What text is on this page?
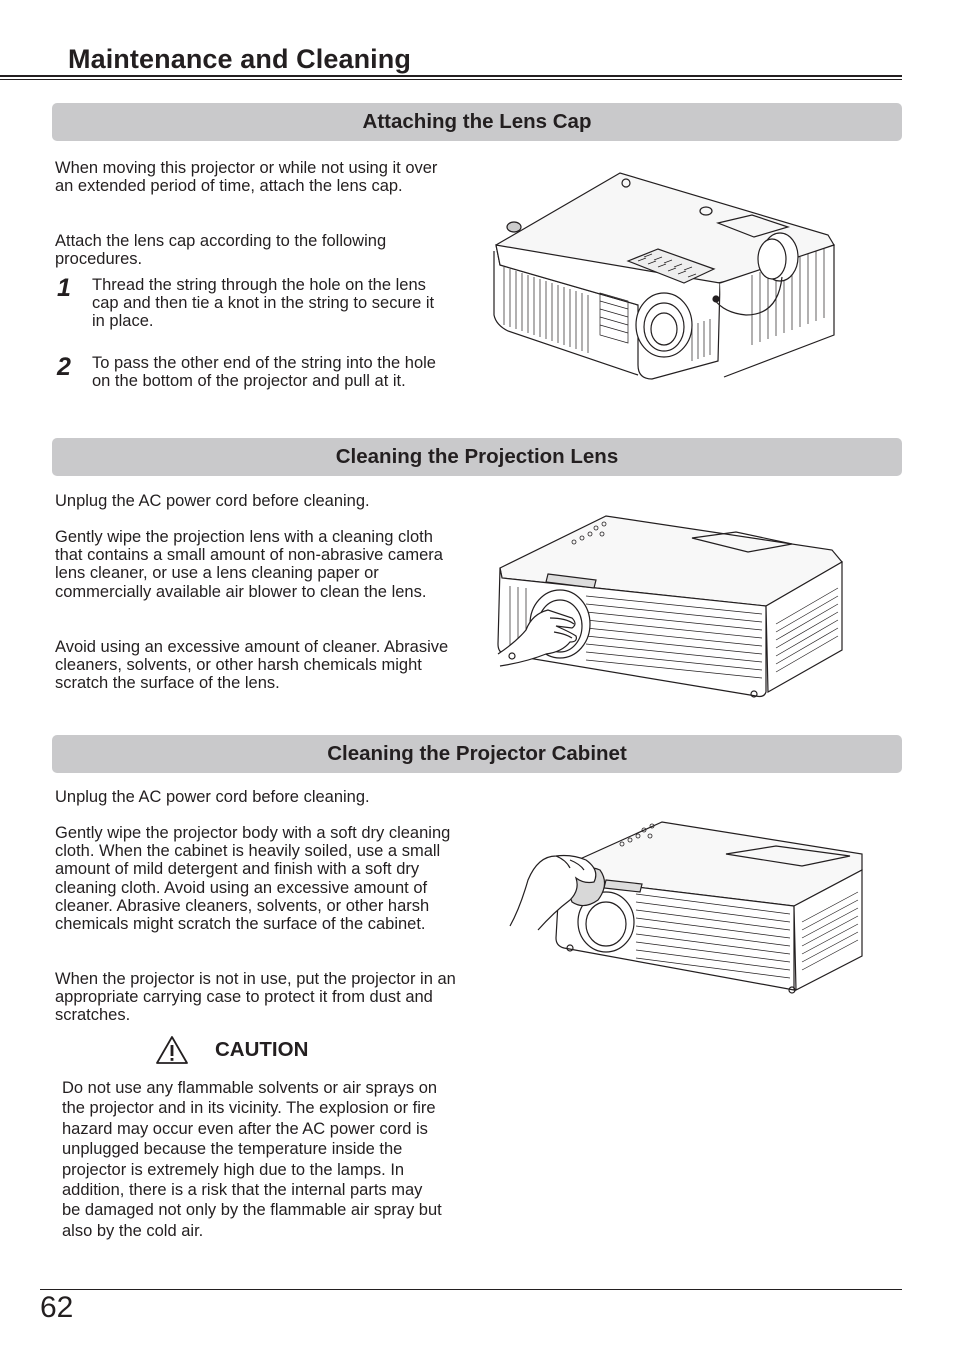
Maintenance and Cleaning
Attaching the Lens Cap

When moving this projector or while not using it over an extended period of time, attach the lens cap.

Attach the lens cap according to the following procedures.

1 Thread the string through the hole on the lens cap and then tie a knot in the string to secure it in place.

2 To pass the other end of the string into the hole on the bottom of the projector and pull at it.

Cleaning the Projection Lens

Unplug the AC power cord before cleaning.

Gently wipe the projection lens with a cleaning cloth that contains a small amount of non-abrasive camera lens cleaner, or use a lens cleaning paper or commercially available air blower to clean the lens.

Avoid using an excessive amount of cleaner. Abrasive cleaners, solvents, or other harsh chemicals might scratch the surface of the lens.

Cleaning the Projector Cabinet

Unplug the AC power cord before cleaning.

Gently wipe the projector body with a soft dry cleaning cloth. When the cabinet is heavily soiled, use a small amount of mild detergent and finish with a soft dry cleaning cloth. Avoid using an excessive amount of cleaner. Abrasive cleaners, solvents, or other harsh chemicals might scratch the surface of the cabinet.

When the projector is not in use, put the projector in an appropriate carrying case to protect it from dust and scratches.

CAUTION

Do not use any flammable solvents or air sprays on the projector and in its vicinity. The explosion or fire hazard may occur even after the AC power cord is unplugged because the temperature inside the projector is extremely high due to the lamps. In addition, there is a risk that the internal parts may be damaged not only by the flammable air spray but also by the cold air.

62
